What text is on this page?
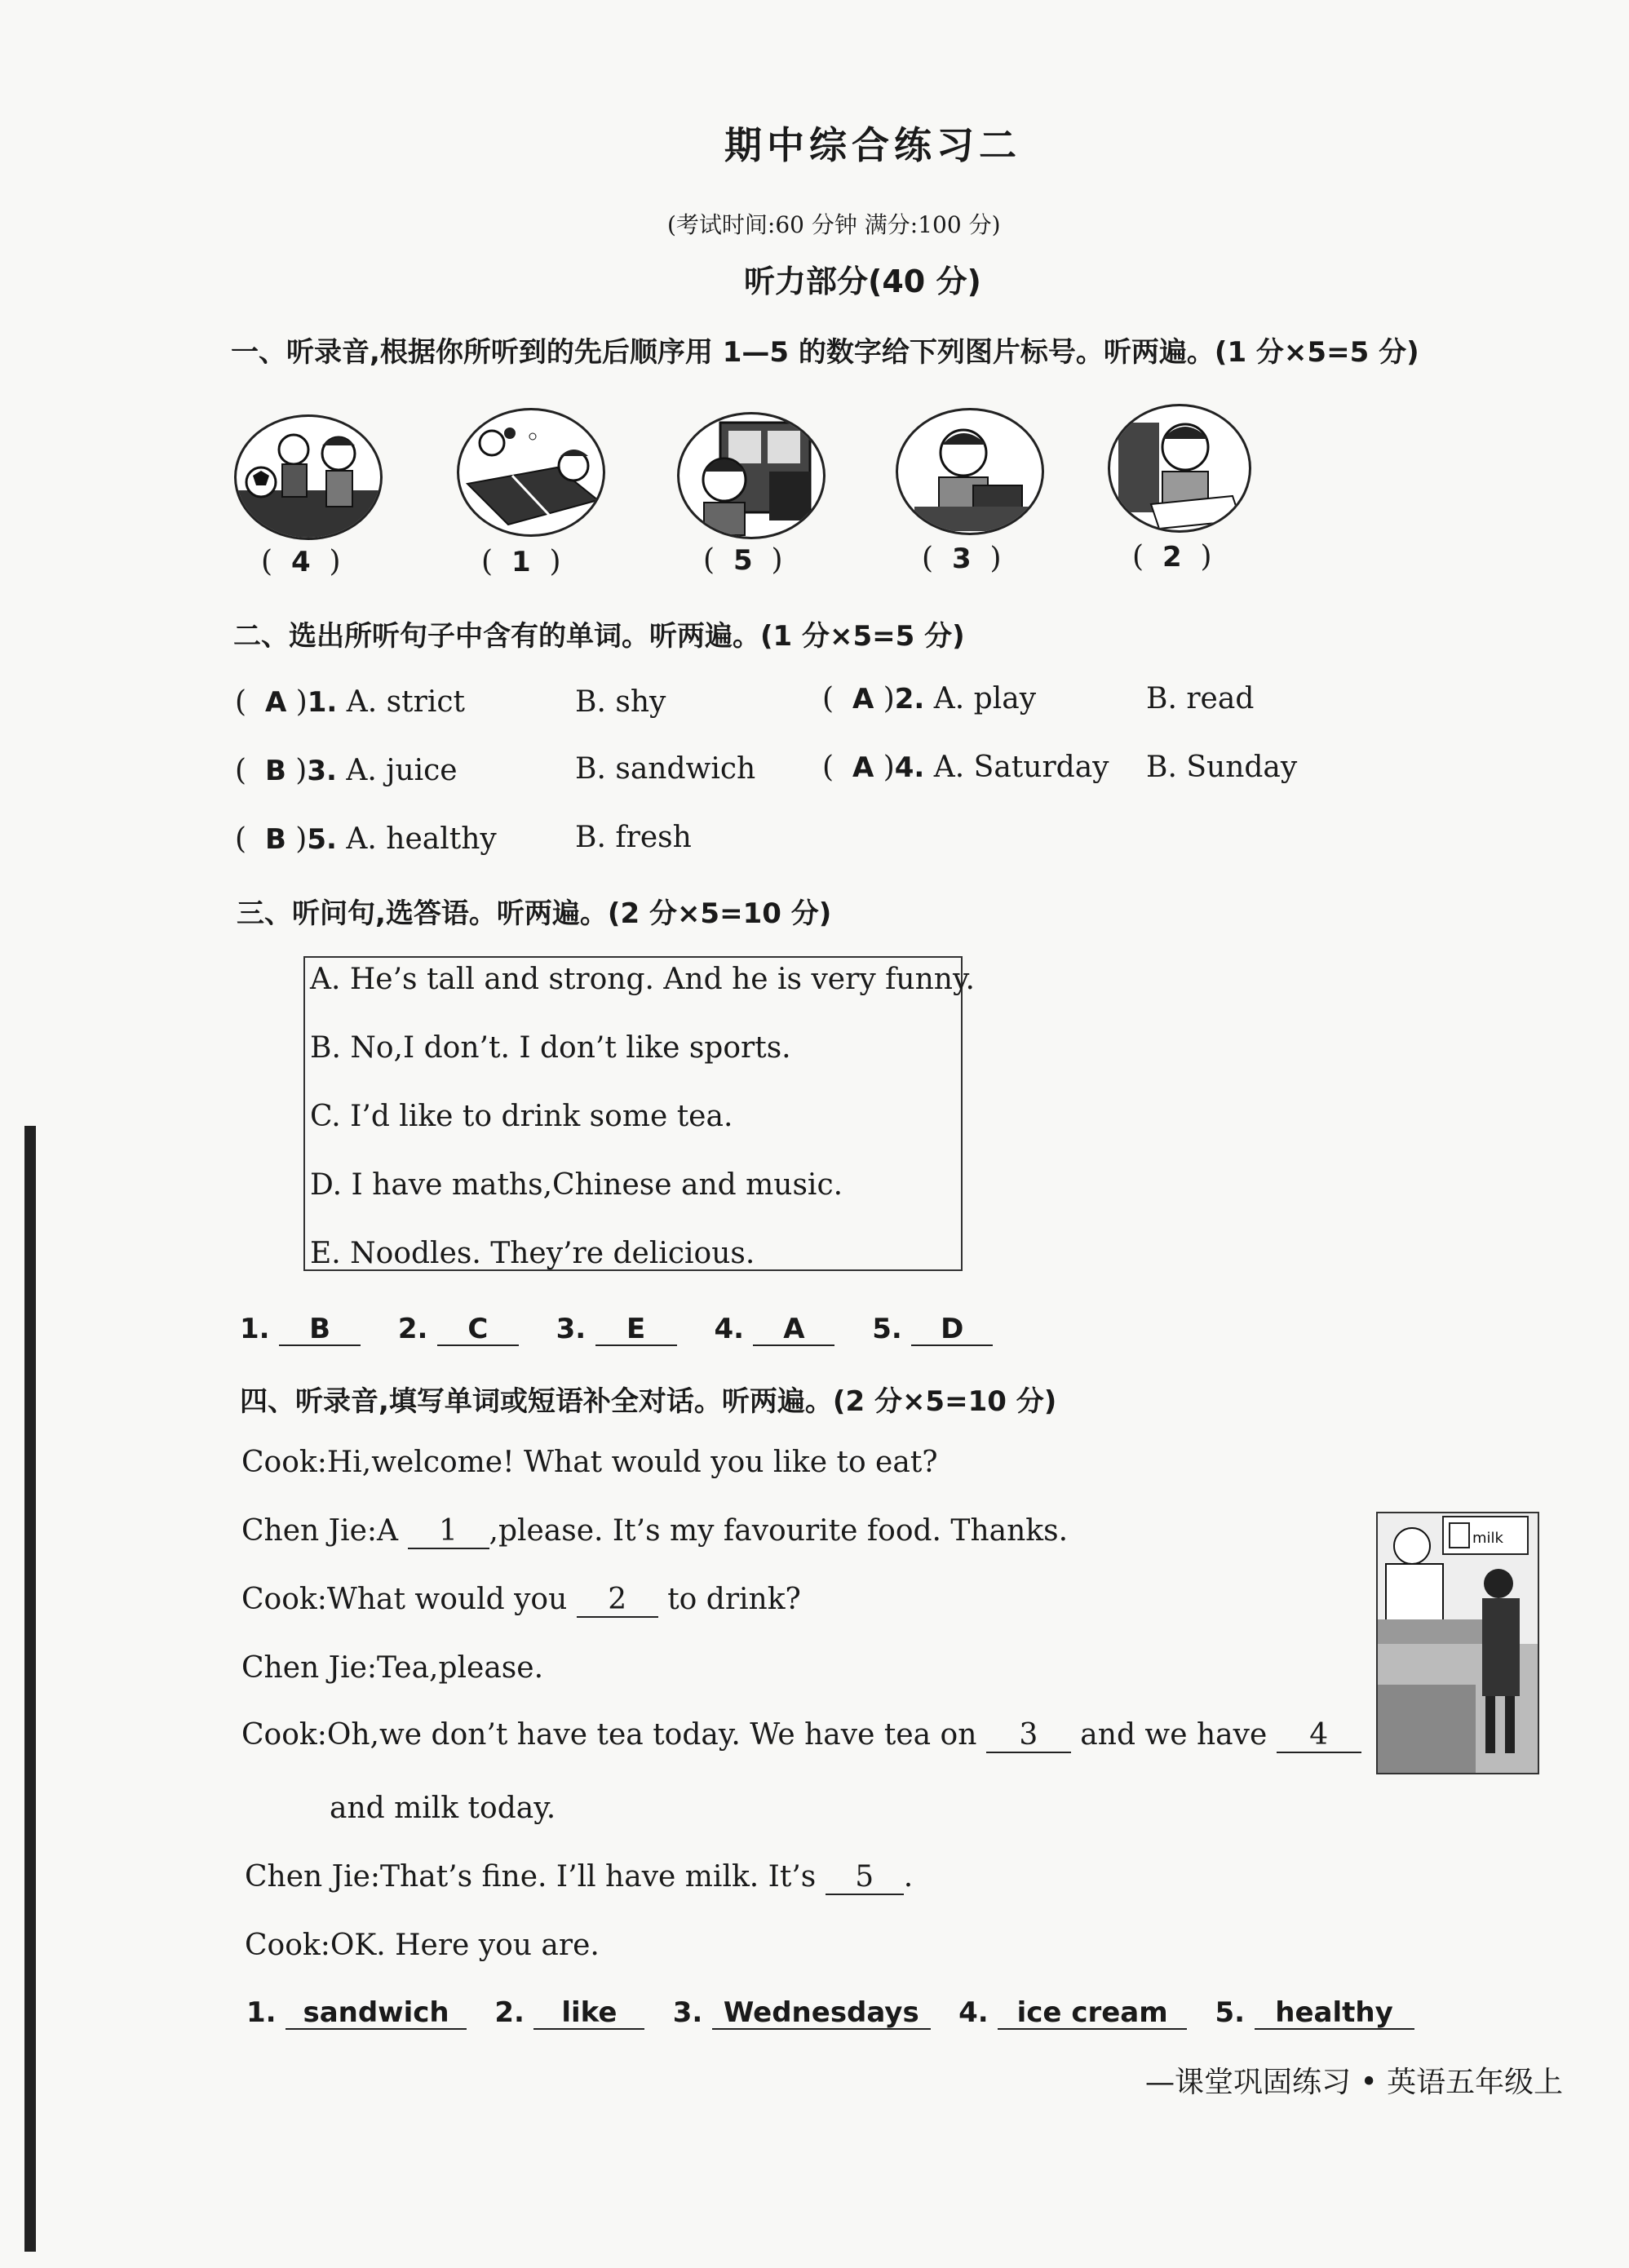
期中综合练习二
(考试时间:60 分钟 满分:100 分)
听力部分(40 分)
一、听录音,根据你所听到的先后顺序用 1—5 的数字给下列图片标号。听两遍。(1 分×5=5 分)
(  4  )	(  1  )	(  5  )	(  3  )	(  2  )
二、选出所听句子中含有的单词。听两遍。(1 分×5=5 分)
(  A )1. A. strict	B. shy	(  A )2. A. play	B. read
(  B )3. A. juice	B. sandwich (  A )4. A. Saturday B. Sunday
(  B )5. A. healthy	B. fresh
三、听问句,选答语。听两遍。(2 分×5=10 分)
A. He’s tall and strong. And he is very funny.
B. No,I don’t. I don’t like sports.
C. I’d like to drink some tea.
D. I have maths,Chinese and music.
E. Noodles. They’re delicious.
1. B 2. C 3. E 4. A 5. D
四、听录音,填写单词或短语补全对话。听两遍。(2 分×5=10 分)
Cook:Hi,welcome! What would you like to eat?
Chen Jie:A 1 ,please. It’s my favourite food. Thanks.
Cook:What would you 2 to drink?
Chen Jie:Tea,please.
Cook:Oh,we don’t have tea today. We have tea on 3 and we have 4
and milk today.
Chen Jie:That’s fine. I’ll have milk. It’s 5 .
Cook:OK. Here you are.
milk
1. sandwich 2. like 3. Wednesdays 4. ice cream 5. healthy
—课堂巩固练习 • 英语五年级上
